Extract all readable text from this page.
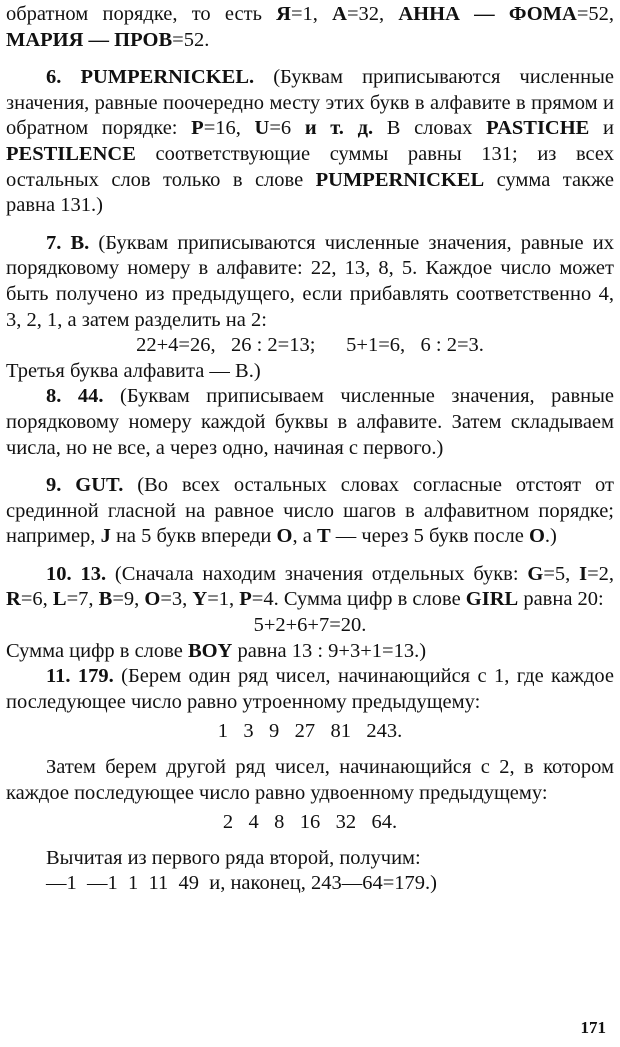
обратном порядке, то есть Я=1, А=32, АННА — ФОМА=52, МАРИЯ — ПРОВ=52.

6. PUMPERNICKEL. (Буквам приписываются численные значения, равные поочередно месту этих букв в алфавите в прямом и обратном порядке: P=16, U=6 и т. д. В словах PASTICHE и PESTILENCE соответствующие суммы равны 131; из всех остальных слов только в слове PUMPERNICKEL сумма также равна 131.)

7. В. (Буквам приписываются численные значения, равные их порядковому номеру в алфавите: 22, 13, 8, 5. Каждое число может быть получено из предыдущего, если прибавлять соответственно 4, 3, 2, 1, а затем разделить на 2:

22+4=26,   26 : 2=13;      5+1=6,   6 : 2=3.

Третья буква алфавита — В.)

8. 44. (Буквам приписываем численные значения, равные порядковому номеру каждой буквы в алфавите. Затем складываем числа, но не все, а через одно, начиная с первого.)

9. GUT. (Во всех остальных словах согласные отстоят от срединной гласной на равное число шагов в алфавитном порядке; например, J на 5 букв впереди O, а T — через 5 букв после O.)

10. 13. (Сначала находим значения отдельных букв: G=5, I=2, R=6, L=7, B=9, O=3, Y=1, P=4. Сумма цифр в слове GIRL равна 20:

5+2+6+7=20.

Сумма цифр в слове BOY равна 13 : 9+3+1=13.)

11. 179. (Берем один ряд чисел, начинающийся с 1, где каждое последующее число равно утроенному предыдущему:

1   3   9   27   81   243.

Затем берем другой ряд чисел, начинающийся с 2, в котором каждое последующее число равно удвоенному предыдущему:

2   4   8   16   32   64.

Вычитая из первого ряда второй, получим:

—1  —1  1  11  49  и, наконец, 243—64=179.)

171
